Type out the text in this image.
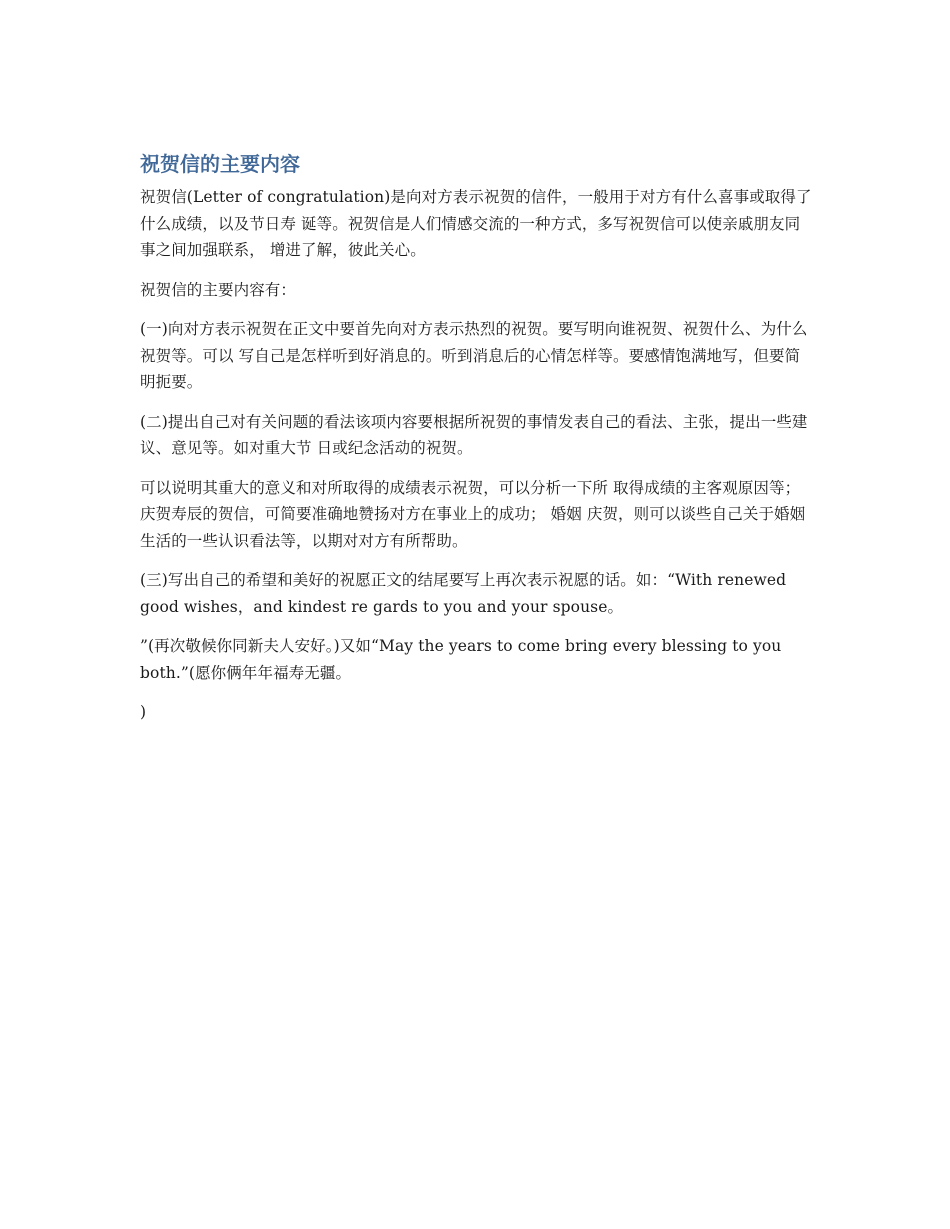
祝贺信的主要内容

祝贺信(Letter of congratulation)是向对方表示祝贺的信件，一般用于对方有什么喜事或取得了什么成绩，以及节日寿 诞等。祝贺信是人们情感交流的一种方式，多写祝贺信可以使亲戚朋友同事之间加强联系， 增进了解，彼此关心。

祝贺信的主要内容有：

(一)向对方表示祝贺在正文中要首先向对方表示热烈的祝贺。要写明向谁祝贺、祝贺什么、为什么祝贺等。可以 写自己是怎样听到好消息的。听到消息后的心情怎样等。要感情饱满地写，但要简明扼要。

(二)提出自己对有关问题的看法该项内容要根据所祝贺的事情发表自己的看法、主张，提出一些建议、意见等。如对重大节 日或纪念活动的祝贺。

可以说明其重大的意义和对所取得的成绩表示祝贺，可以分析一下所 取得成绩的主客观原因等；庆贺寿辰的贺信，可简要准确地赞扬对方在事业上的成功； 婚姻 庆贺，则可以谈些自己关于婚姻生活的一些认识看法等，以期对对方有所帮助。

(三)写出自己的希望和美好的祝愿正文的结尾要写上再次表示祝愿的话。如：“With renewed good wishes，and kindest re gards to you and your spouse。

”(再次敬候你同新夫人安好。)又如“May the years to come bring every blessing to you both.”(愿你俩年年福寿无疆。

)
